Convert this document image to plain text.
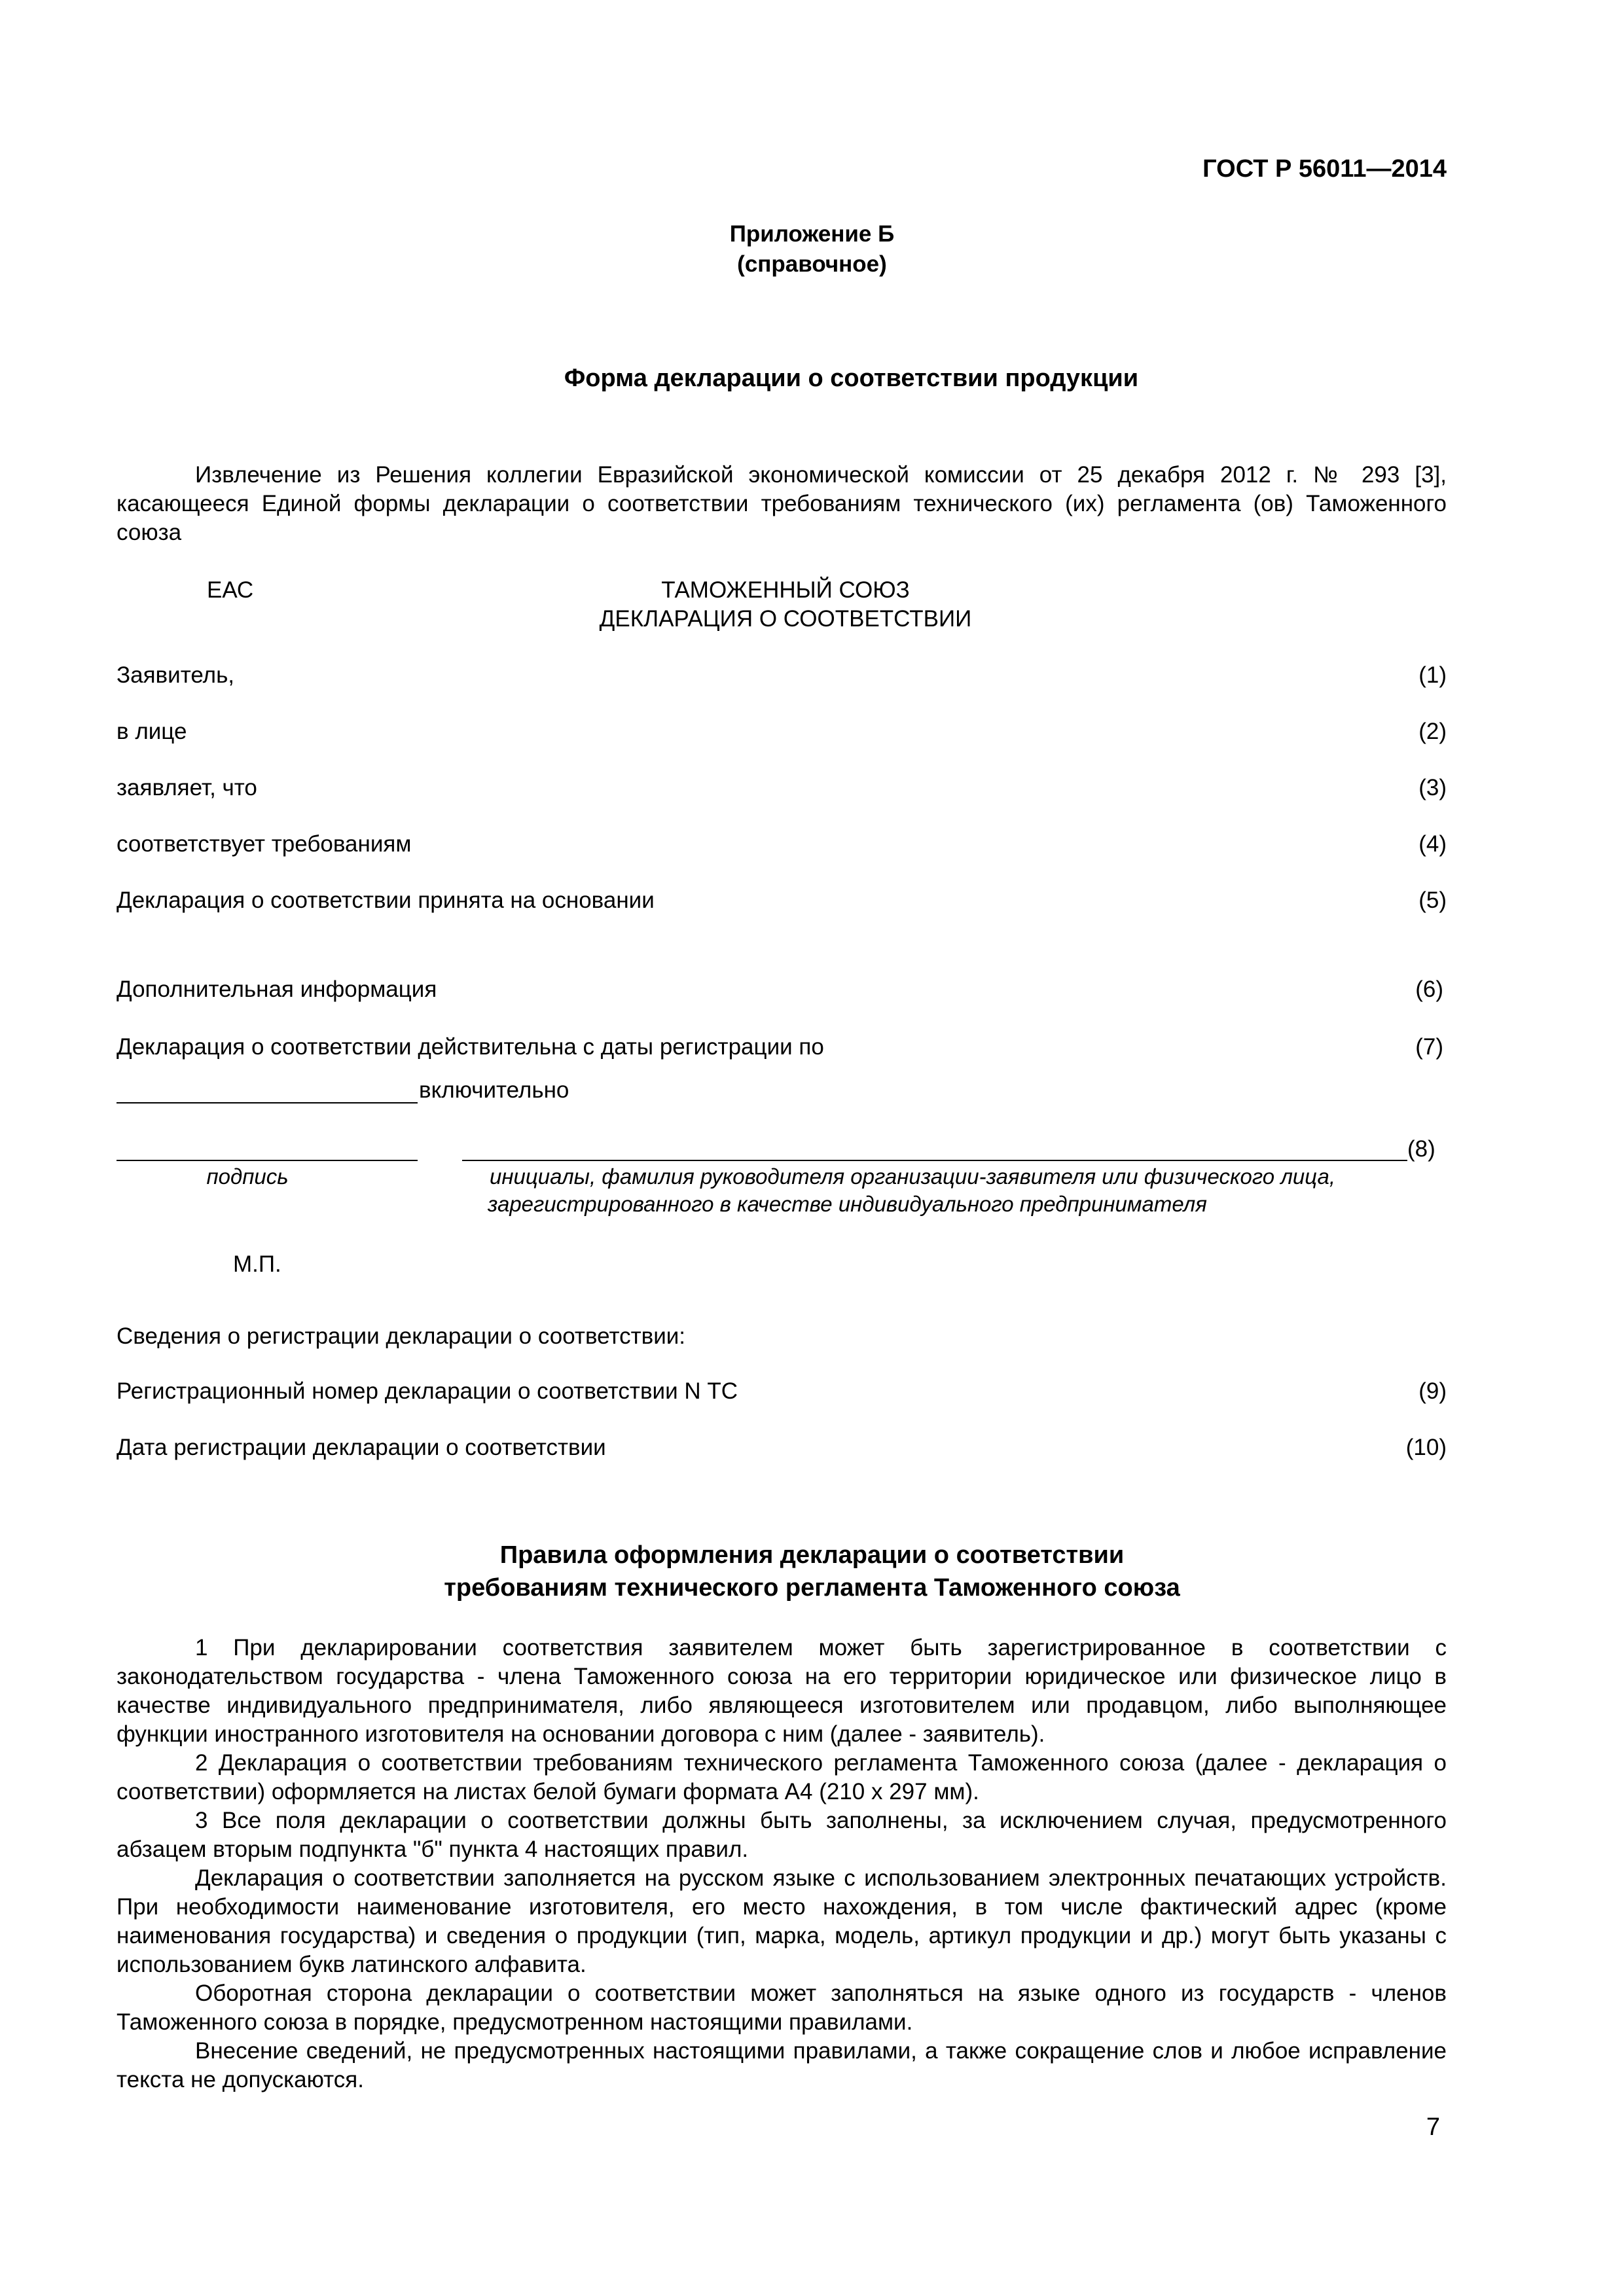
ГОСТ Р 56011—2014
Приложение Б
(справочное)
Форма декларации о соответствии продукции
Извлечение из Решения коллегии Евразийской экономической комиссии от 25 декабря 2012 г. № 293 [3], касающееся Единой формы декларации о соответствии требованиям технического (их) регламента (ов) Таможенного союза
ЕАС	ТАМОЖЕННЫЙ СОЮЗ
ДЕКЛАРАЦИЯ О СООТВЕТСТВИИ
Заявитель,	(1)
в лице	(2)
заявляет, что	(3)
соответствует требованиям	(4)
Декларация о соответствии принята на основании	(5)
Дополнительная информация	(6)
Декларация о соответствии действительна с даты регистрации по	(7)
включительно
(8)
подпись	инициалы, фамилия руководителя организации-заявителя или физического лица,
зарегистрированного в качестве индивидуального предпринимателя
М.П.
Сведения о регистрации декларации о соответствии:
Регистрационный номер декларации о соответствии N ТС	(9)
Дата регистрации декларации о соответствии	(10)
Правила оформления декларации о соответствии
требованиям технического регламента Таможенного союза
1 При декларировании соответствия заявителем может быть зарегистрированное в соответствии с законодательством государства - члена Таможенного союза на его территории юридическое или физическое лицо в качестве индивидуального предпринимателя, либо являющееся изготовителем или продавцом, либо выполняющее функции иностранного изготовителя на основании договора с ним (далее - заявитель).
2 Декларация о соответствии требованиям технического регламента Таможенного союза (далее - декларация о соответствии) оформляется на листах белой бумаги формата А4 (210 х 297 мм).
3 Все поля декларации о соответствии должны быть заполнены, за исключением случая, предусмотренного абзацем вторым подпункта "б" пункта 4 настоящих правил.
Декларация о соответствии заполняется на русском языке с использованием электронных печатающих устройств. При необходимости наименование изготовителя, его место нахождения, в том числе фактический адрес (кроме наименования государства) и сведения о продукции (тип, марка, модель, артикул продукции и др.) могут быть указаны с использованием букв латинского алфавита.
Оборотная сторона декларации о соответствии может заполняться на языке одного из государств - членов Таможенного союза в порядке, предусмотренном настоящими правилами.
Внесение сведений, не предусмотренных настоящими правилами, а также сокращение слов и любое исправление текста не допускаются.
7
